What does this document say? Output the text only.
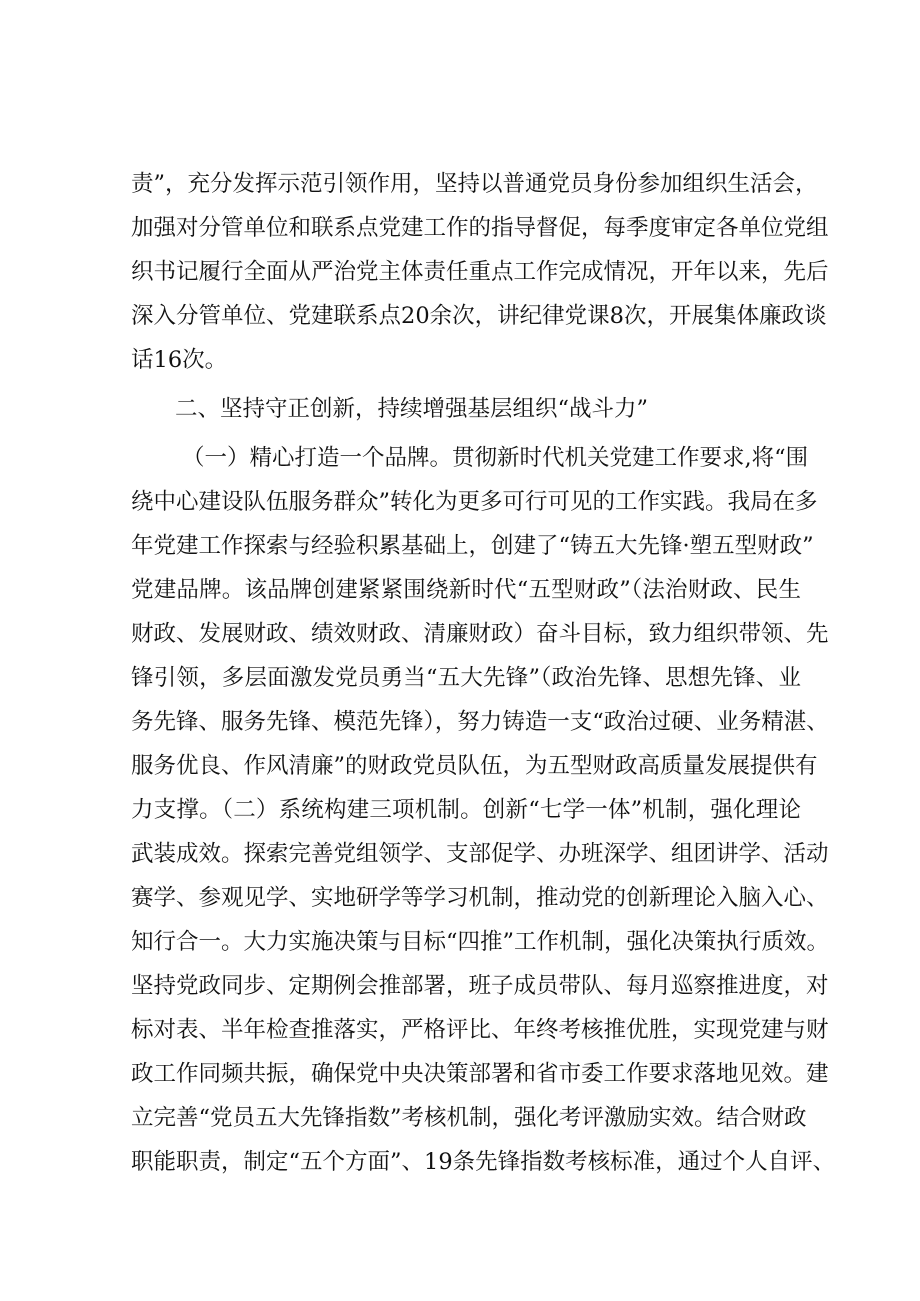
责”，充分发挥示范引领作用，坚持以普通党员身份参加组织生活会，
加强对分管单位和联系点党建工作的指导督促，每季度审定各单位党组
织书记履行全面从严治党主体责任重点工作完成情况，开年以来，先后
深入分管单位、党建联系点20余次，讲纪律党课8次，开展集体廉政谈
话16次。
二、坚持守正创新，持续增强基层组织“战斗力”
（一）精心打造一个品牌。贯彻新时代机关党建工作要求,将“围
绕中心建设队伍服务群众”转化为更多可行可见的工作实践。我局在多
年党建工作探索与经验积累基础上，创建了“铸五大先锋·塑五型财政”
党建品牌。该品牌创建紧紧围绕新时代“五型财政”（法治财政、民生
财政、发展财政、绩效财政、清廉财政）奋斗目标，致力组织带领、先
锋引领，多层面激发党员勇当“五大先锋”（政治先锋、思想先锋、业
务先锋、服务先锋、模范先锋），努力铸造一支“政治过硬、业务精湛、
服务优良、作风清廉”的财政党员队伍，为五型财政高质量发展提供有
力支撑。（二）系统构建三项机制。创新“七学一体”机制，强化理论
武装成效。探索完善党组领学、支部促学、办班深学、组团讲学、活动
赛学、参观见学、实地研学等学习机制，推动党的创新理论入脑入心、
知行合一。大力实施决策与目标“四推”工作机制，强化决策执行质效。
坚持党政同步、定期例会推部署，班子成员带队、每月巡察推进度，对
标对表、半年检查推落实，严格评比、年终考核推优胜，实现党建与财
政工作同频共振，确保党中央决策部署和省市委工作要求落地见效。建
立完善“党员五大先锋指数”考核机制，强化考评激励实效。结合财政
职能职责，制定“五个方面”、19条先锋指数考核标准，通过个人自评、
